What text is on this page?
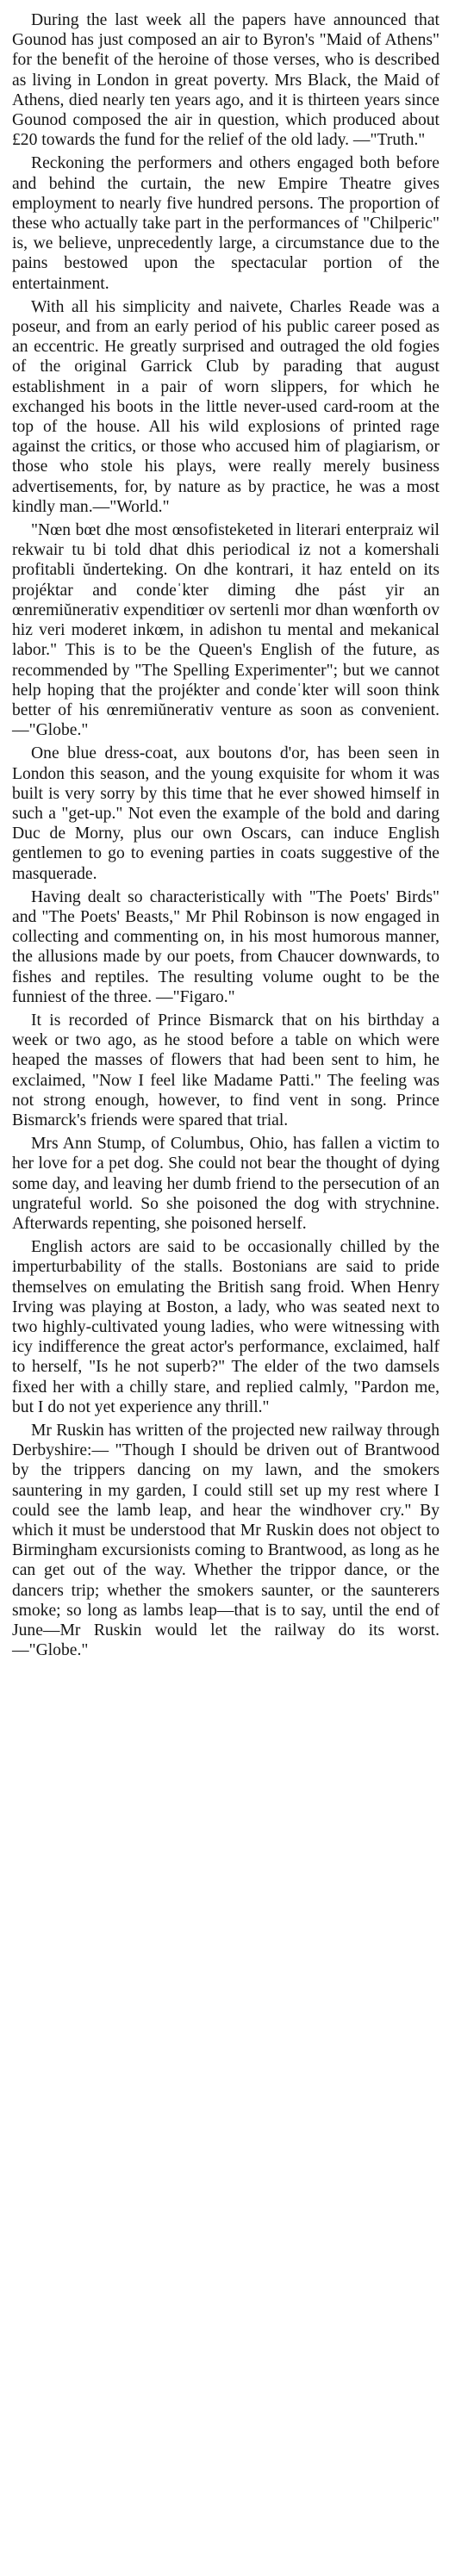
During the last week all the papers have announced that Gounod has just composed an air to Byron's "Maid of Athens" for the benefit of the heroine of those verses, who is described as living in London in great poverty. Mrs Black, the Maid of Athens, died nearly ten years ago, and it is thirteen years since Gounod composed the air in question, which produced about £20 towards the fund for the relief of the old lady. —"Truth."

Reckoning the performers and others engaged both before and behind the curtain, the new Empire Theatre gives employment to nearly five hundred persons. The proportion of these who actually take part in the performances of "Chilperic" is, we believe, unprecedently large, a circumstance due to the pains bestowed upon the spectacular portion of the entertainment.

With all his simplicity and naivete, Charles Reade was a poseur, and from an early period of his public career posed as an eccentric. He greatly surprised and outraged the old fogies of the original Garrick Club by parading that august establishment in a pair of worn slippers, for which he exchanged his boots in the little never-used card-room at the top of the house. All his wild explosions of printed rage against the critics, or those who accused him of plagiarism, or those who stole his plays, were really merely business advertisements, for, by nature as by practice, he was a most kindly man.—"World."

"Nœn bœt dhe most œnsofisteketed in literari enterpraiz wil rekwair tu bi told dhat dhis periodical iz not a komershali profitabli ŭnderteking. On dhe kontrari, it haz enteld on its projéktar and condeˈkter diming dhe pást yir an œnremiŭnerativ expenditiœr ov sertenli mor dhan wœnforth ov hiz veri moderet inkœm, in adishon tu mental and mekanical labor." This is to be the Queen's English of the future, as recommended by "The Spelling Experimenter"; but we cannot help hoping that the projékter and condeˈkter will soon think better of his œnremiŭnerativ venture as soon as convenient.—"Globe."

One blue dress-coat, aux boutons d'or, has been seen in London this season, and the young exquisite for whom it was built is very sorry by this time that he ever showed himself in such a "get-up." Not even the example of the bold and daring Duc de Morny, plus our own Oscars, can induce English gentlemen to go to evening parties in coats suggestive of the masquerade.

Having dealt so characteristically with "The Poets' Birds" and "The Poets' Beasts," Mr Phil Robinson is now engaged in collecting and commenting on, in his most humorous manner, the allusions made by our poets, from Chaucer downwards, to fishes and reptiles. The resulting volume ought to be the funniest of the three. —"Figaro."

It is recorded of Prince Bismarck that on his birthday a week or two ago, as he stood before a table on which were heaped the masses of flowers that had been sent to him, he exclaimed, "Now I feel like Madame Patti." The feeling was not strong enough, however, to find vent in song. Prince Bismarck's friends were spared that trial.

Mrs Ann Stump, of Columbus, Ohio, has fallen a victim to her love for a pet dog. She could not bear the thought of dying some day, and leaving her dumb friend to the persecution of an ungrateful world. So she poisoned the dog with strychnine. Afterwards repenting, she poisoned herself.

English actors are said to be occasionally chilled by the imperturbability of the stalls. Bostonians are said to pride themselves on emulating the British sang froid. When Henry Irving was playing at Boston, a lady, who was seated next to two highly-cultivated young ladies, who were witnessing with icy indifference the great actor's performance, exclaimed, half to herself, "Is he not superb?" The elder of the two damsels fixed her with a chilly stare, and replied calmly, "Pardon me, but I do not yet experience any thrill."

Mr Ruskin has written of the projected new railway through Derbyshire:— "Though I should be driven out of Brantwood by the trippers dancing on my lawn, and the smokers sauntering in my garden, I could still set up my rest where I could see the lamb leap, and hear the windhover cry." By which it must be understood that Mr Ruskin does not object to Birmingham excursionists coming to Brantwood, as long as he can get out of the way. Whether the trippor dance, or the dancers trip; whether the smokers saunter, or the saunterers smoke; so long as lambs leap—that is to say, until the end of June—Mr Ruskin would let the railway do its worst. —"Globe."
